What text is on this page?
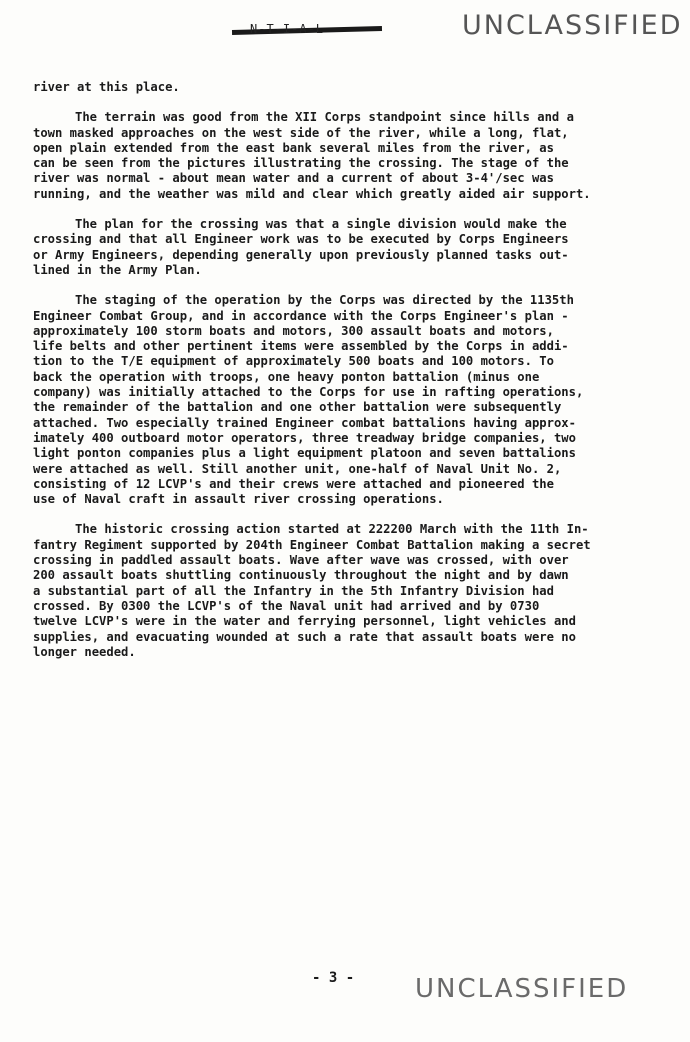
N-T-I-A-L	UNCLASSIFIED

river at this place.

The terrain was good from the XII Corps standpoint since hills and a
town masked approaches on the west side of the river, while a long, flat,
open plain extended from the east bank several miles from the river, as
can be seen from the pictures illustrating the crossing. The stage of the
river was normal - about mean water and a current of about 3-4'/sec was
running, and the weather was mild and clear which greatly aided air support.

The plan for the crossing was that a single division would make the
crossing and that all Engineer work was to be executed by Corps Engineers
or Army Engineers, depending generally upon previously planned tasks out-
lined in the Army Plan.

The staging of the operation by the Corps was directed by the 1135th
Engineer Combat Group, and in accordance with the Corps Engineer's plan -
approximately 100 storm boats and motors, 300 assault boats and motors,
life belts and other pertinent items were assembled by the Corps in addi-
tion to the T/E equipment of approximately 500 boats and 100 motors. To
back the operation with troops, one heavy ponton battalion (minus one
company) was initially attached to the Corps for use in rafting operations,
the remainder of the battalion and one other battalion were subsequently
attached. Two especially trained Engineer combat battalions having approx-
imately 400 outboard motor operators, three treadway bridge companies, two
light ponton companies plus a light equipment platoon and seven battalions
were attached as well. Still another unit, one-half of Naval Unit No. 2,
consisting of 12 LCVP's and their crews were attached and pioneered the
use of Naval craft in assault river crossing operations.

The historic crossing action started at 222200 March with the 11th In-
fantry Regiment supported by 204th Engineer Combat Battalion making a secret
crossing in paddled assault boats. Wave after wave was crossed, with over
200 assault boats shuttling continuously throughout the night and by dawn
a substantial part of all the Infantry in the 5th Infantry Division had
crossed. By 0300 the LCVP's of the Naval unit had arrived and by 0730
twelve LCVP's were in the water and ferrying personnel, light vehicles and
supplies, and evacuating wounded at such a rate that assault boats were no
longer needed.

- 3 - UNCLASSIFIED
